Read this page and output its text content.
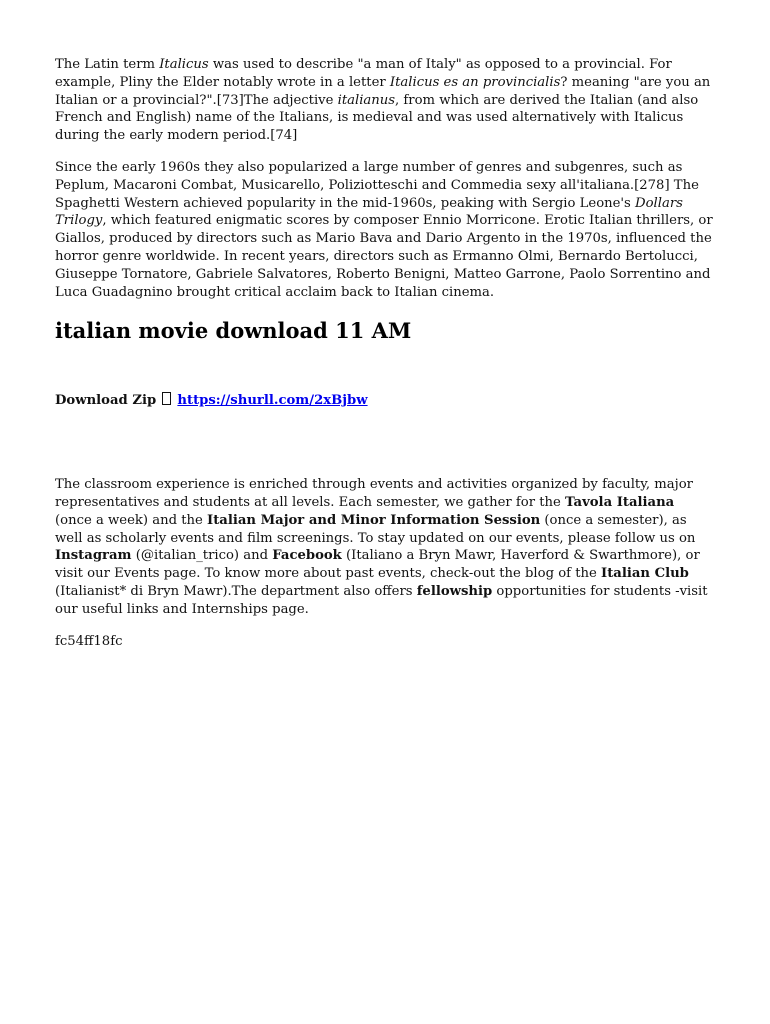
The Latin term Italicus was used to describe "a man of Italy" as opposed to a provincial. For example, Pliny the Elder notably wrote in a letter Italicus es an provincialis? meaning "are you an Italian or a provincial?".[73]The adjective italianus, from which are derived the Italian (and also French and English) name of the Italians, is medieval and was used alternatively with Italicus during the early modern period.[74]

Since the early 1960s they also popularized a large number of genres and subgenres, such as Peplum, Macaroni Combat, Musicarello, Poliziotteschi and Commedia sexy all'italiana.[278] The Spaghetti Western achieved popularity in the mid-1960s, peaking with Sergio Leone's Dollars Trilogy, which featured enigmatic scores by composer Ennio Morricone. Erotic Italian thrillers, or Giallos, produced by directors such as Mario Bava and Dario Argento in the 1970s, influenced the horror genre worldwide. In recent years, directors such as Ermanno Olmi, Bernardo Bertolucci, Giuseppe Tornatore, Gabriele Salvatores, Roberto Benigni, Matteo Garrone, Paolo Sorrentino and Luca Guadagnino brought critical acclaim back to Italian cinema.

italian movie download 11 AM

Download Zip  https://shurll.com/2xBjbw

The classroom experience is enriched through events and activities organized by faculty, major representatives and students at all levels. Each semester, we gather for the Tavola Italiana (once a week) and the Italian Major and Minor Information Session (once a semester), as well as scholarly events and film screenings. To stay updated on our events, please follow us on Instagram (@italian_trico) and Facebook (Italiano a Bryn Mawr, Haverford & Swarthmore), or visit our Events page. To know more about past events, check-out the blog of the Italian Club (Italianist* di Bryn Mawr).The department also offers fellowship opportunities for students -visit our useful links and Internships page.

fc54ff18fc
